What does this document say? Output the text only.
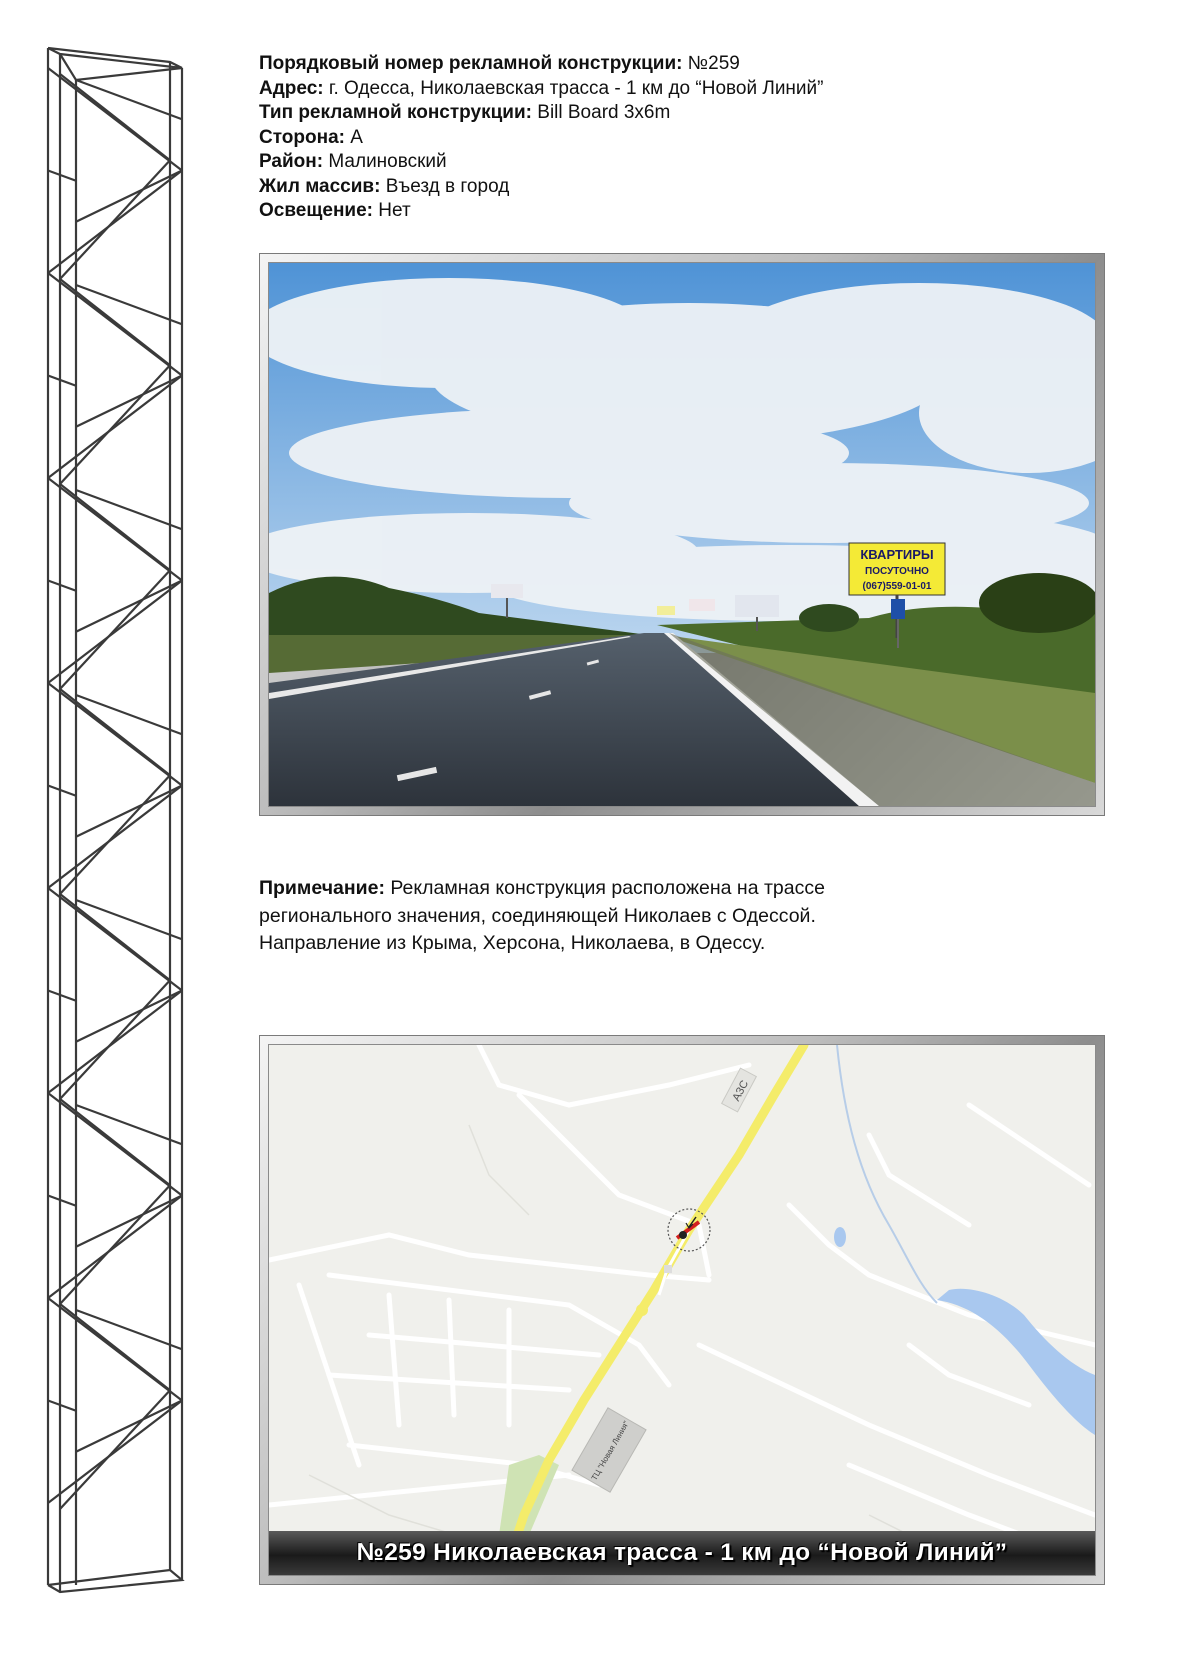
Порядковый номер рекламной конструкции: №259
Адрес: г. Одесса, Николаевская трасса - 1 км до “Новой Линий”
Тип рекламной конструкции: Bill Board 3x6m
Сторона: А
Район: Малиновский
Жил массив: Въезд в город
Освещение: Нет
КВАРТИРЫ
ПОСУТОЧНО
(067)559-01-01
Примечание: Рекламная конструкция расположена на трассе
регионального значения, соединяющей Николаев с Одессой.
Направление из Крыма, Херсона, Николаева, в Одессу.
АЗС
ТЦ "Новая Линия"
№259 Николаевская трасса - 1 км до “Новой Линий”
